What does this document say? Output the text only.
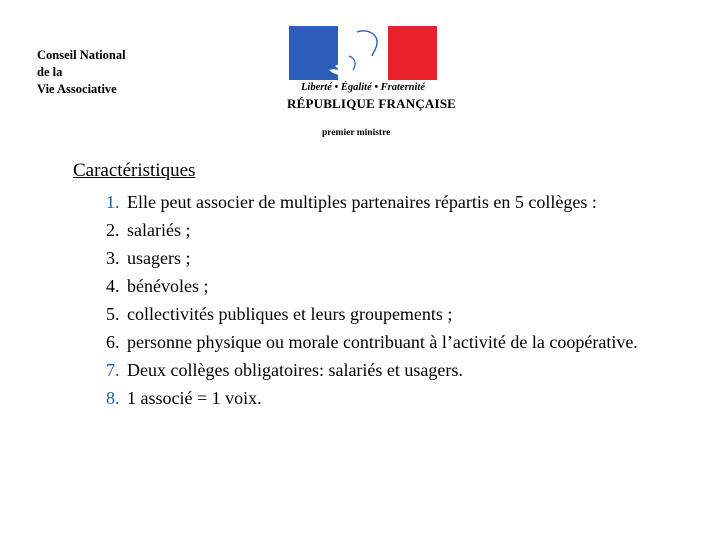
Conseil National
de la
Vie Associative	Liberté • Égalité • Fraternité
RÉPUBLIQUE FRANÇAISE
premier ministre
Caractéristiques
1. Elle peut associer de multiples partenaires répartis en 5 collèges :
2. salariés ;
3. usagers ;
4. bénévoles ;
5. collectivités publiques et leurs groupements ;
6. personne physique ou morale contribuant à l’activité de la coopérative.
7. Deux collèges obligatoires: salariés et usagers.
8. 1 associé = 1 voix.
